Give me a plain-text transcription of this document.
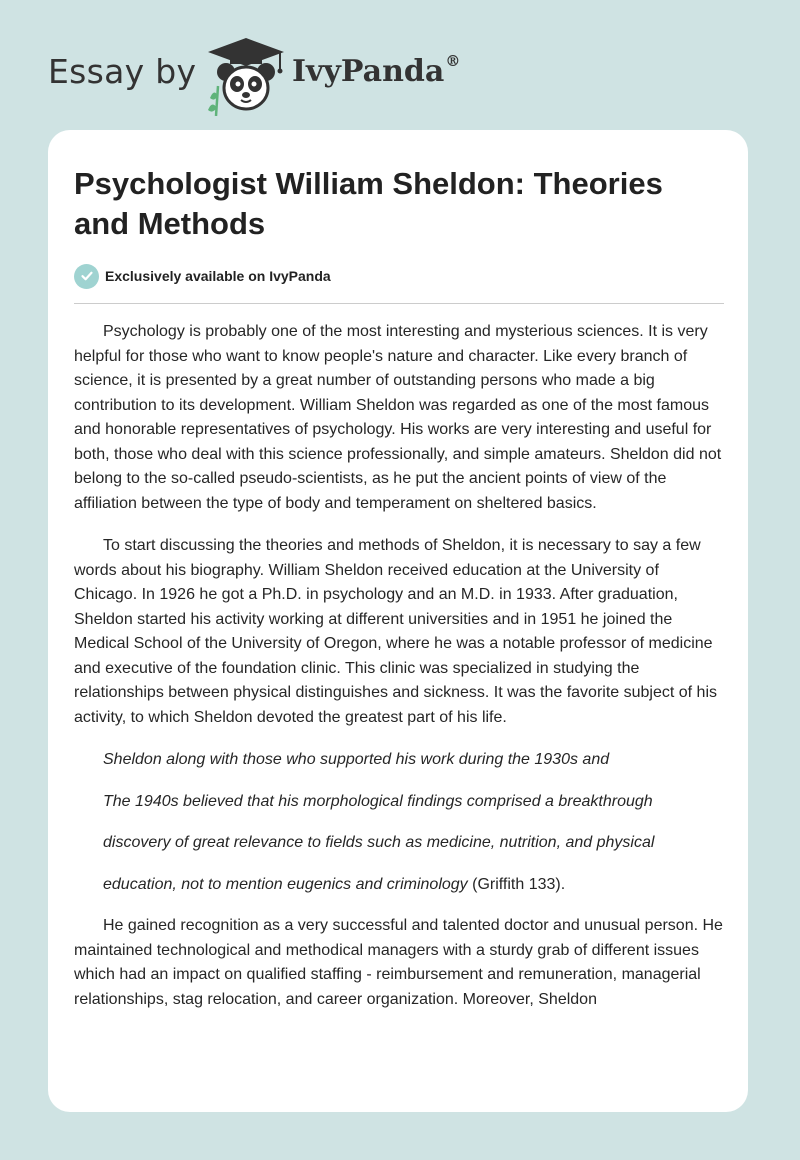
Essay by	IvyPanda®
Psychologist William Sheldon: Theories and Methods
Exclusively available on IvyPanda

Psychology is probably one of the most interesting and mysterious sciences. It is very helpful for those who want to know people's nature and character. Like every branch of science, it is presented by a great number of outstanding persons who made a big contribution to its development. William Sheldon was regarded as one of the most famous and honorable representatives of psychology. His works are very interesting and useful for both, those who deal with this science professionally, and simple amateurs. Sheldon did not belong to the so-called pseudo-scientists, as he put the ancient points of view of the affiliation between the type of body and temperament on sheltered basics.

To start discussing the theories and methods of Sheldon, it is necessary to say a few words about his biography. William Sheldon received education at the University of Chicago. In 1926 he got a Ph.D. in psychology and an M.D. in 1933. After graduation, Sheldon started his activity working at different universities and in 1951 he joined the Medical School of the University of Oregon, where he was a notable professor of medicine and executive of the foundation clinic. This clinic was specialized in studying the relationships between physical distinguishes and sickness. It was the favorite subject of his activity, to which Sheldon devoted the greatest part of his life.

Sheldon along with those who supported his work during the 1930s and
The 1940s believed that his morphological findings comprised a breakthrough
discovery of great relevance to fields such as medicine, nutrition, and physical
education, not to mention eugenics and criminology (Griffith 133).

He gained recognition as a very successful and talented doctor and unusual person. He maintained technological and methodical managers with a sturdy grab of different issues which had an impact on qualified staffing - reimbursement and remuneration, managerial relationships, stag relocation, and career organization. Moreover, Sheldon
